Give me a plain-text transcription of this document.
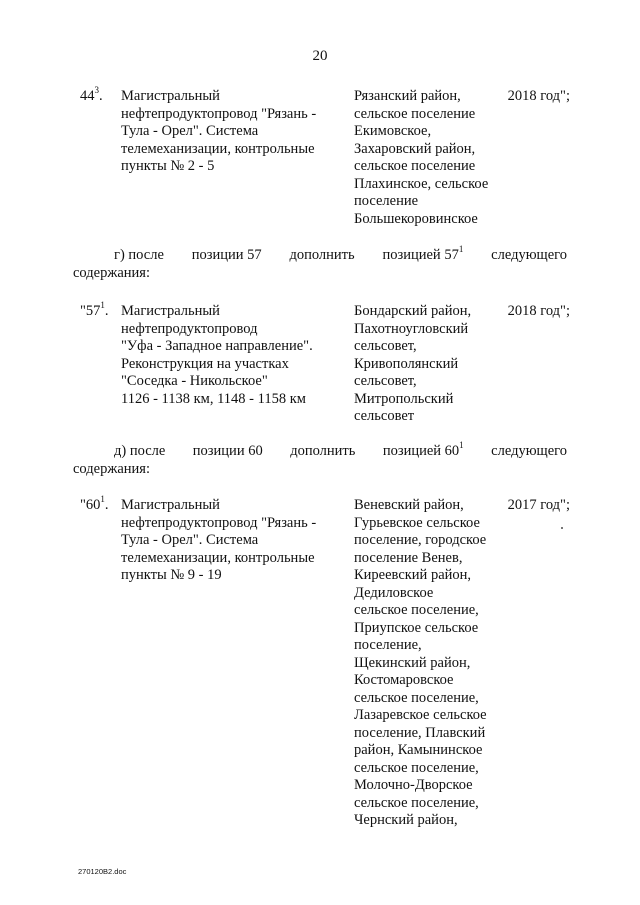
20
$44^3$.	Магистральный
нефтепродуктопровод "Рязань -
Тула - Орел". Система
телемеханизации, контрольные
пункты № 2 - 5
Рязанский район,
сельское поселение
Екимовское,
Захаровский район,
сельское поселение
Плахинское, сельское
поселение
Большекоровинское
2018 год";
г) после позиции 57 дополнить позицией $57^1$ следующего
содержания:
"$57^1$. Магистральный
нефтепродуктопровод
"Уфа - Западное направление".
Реконструкция на участках
"Соседка - Никольское"
1126 - 1138 км, 1148 - 1158 км
Бондарский район,
Пахотноугловский
сельсовет,
Кривополянский
сельсовет,
Митропольский
сельсовет
2018 год";
д) после позиции 60 дополнить позицией $60^1$ следующего
содержания:
"$60^1$. Магистральный
нефтепродуктопровод "Рязань -
Тула - Орел". Система
телемеханизации, контрольные
пункты № 9 - 19
Веневский район,
Гурьевское сельское
поселение, городское
поселение Венев,
Киреевский район,
Дедиловское
сельское поселение,
Приупское сельское
поселение,
Щекинский район,
Костомаровское
сельское поселение,
Лазаревское сельское
поселение, Плавский
район, Камынинское
сельское поселение,
Молочно-Дворское
сельское поселение,
Чернский район,
2017 год";
270120В2.doc
